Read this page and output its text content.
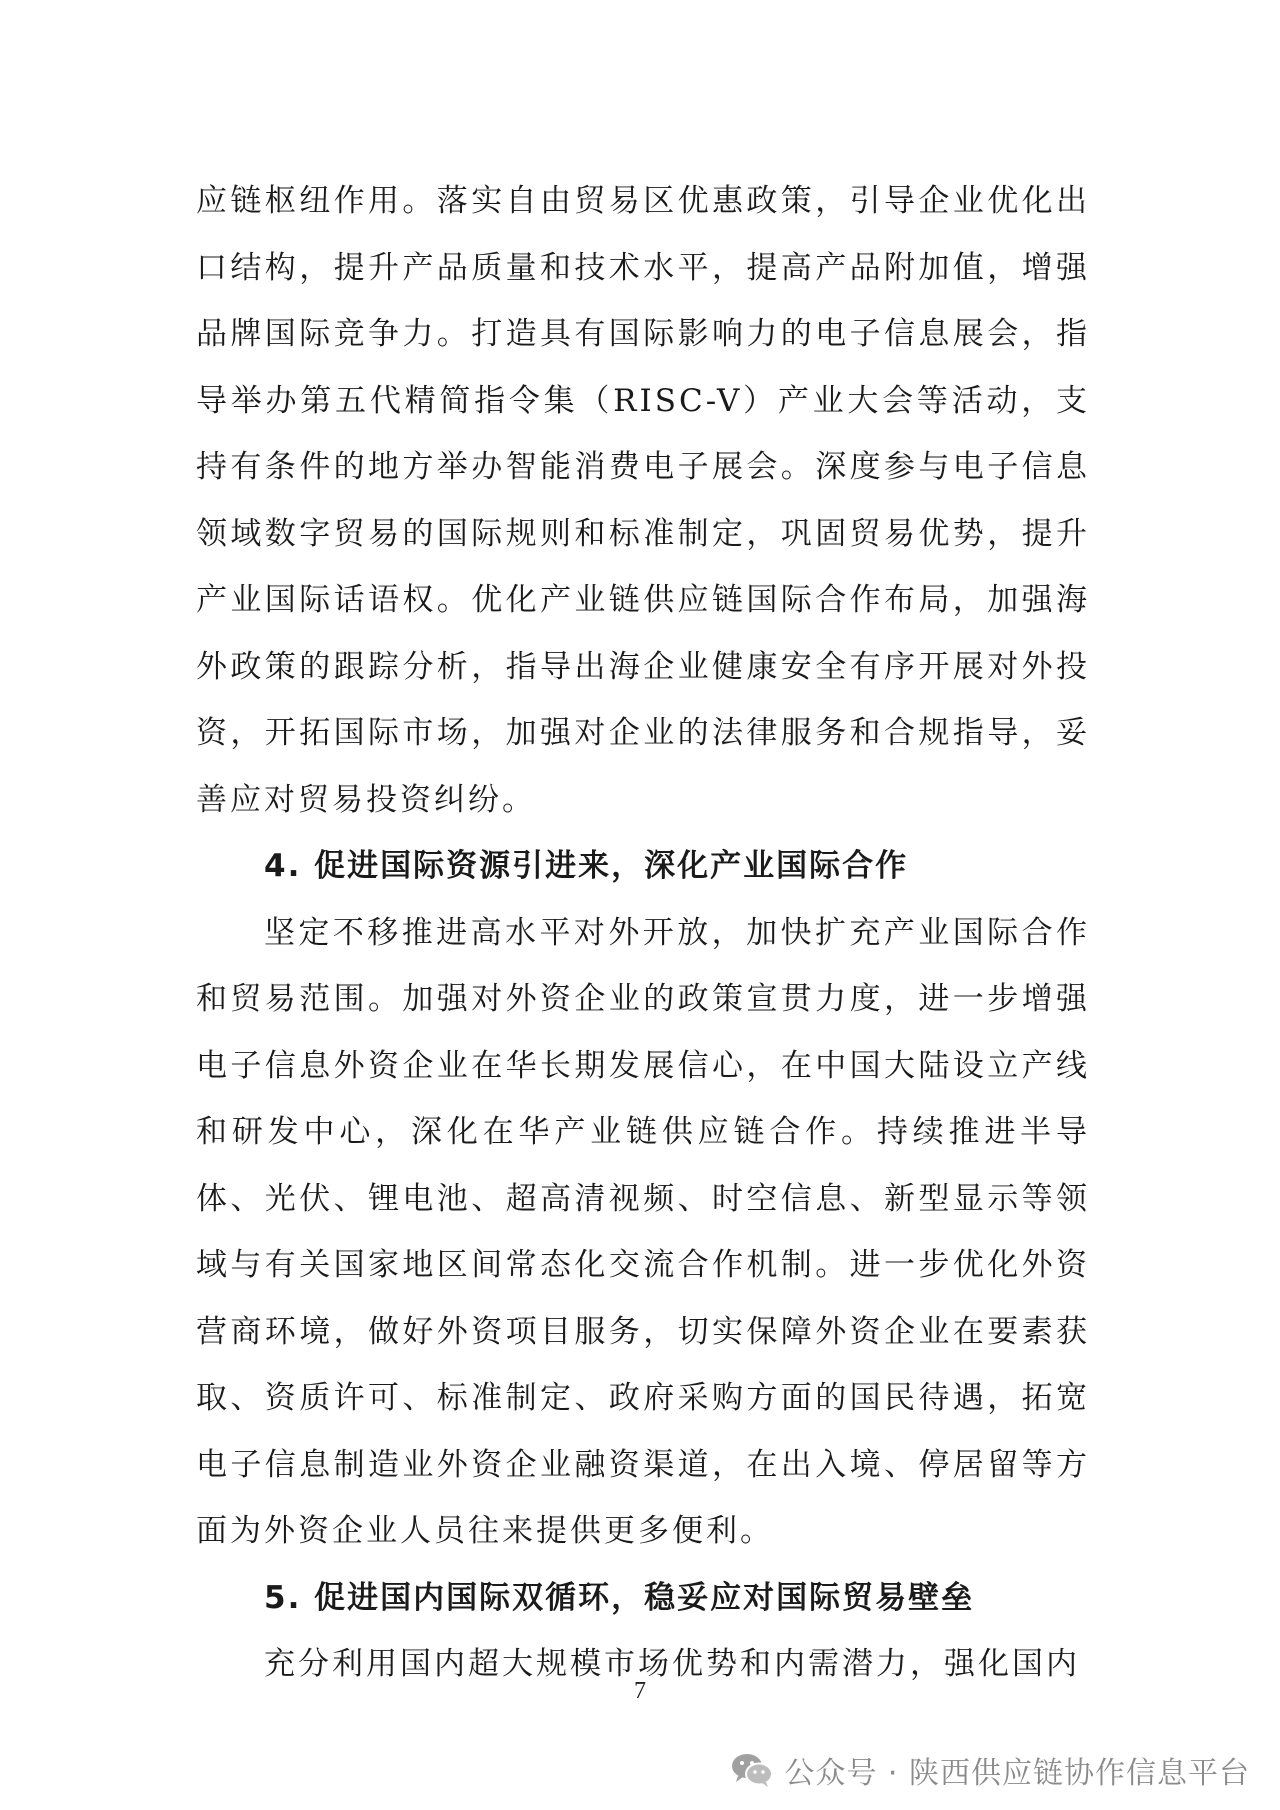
应链枢纽作用。落实自由贸易区优惠政策，引导企业优化出口结构，提升产品质量和技术水平，提高产品附加值，增强品牌国际竞争力。打造具有国际影响力的电子信息展会，指导举办第五代精简指令集（RISC-V）产业大会等活动，支持有条件的地方举办智能消费电子展会。深度参与电子信息领域数字贸易的国际规则和标准制定，巩固贸易优势，提升产业国际话语权。优化产业链供应链国际合作布局，加强海外政策的跟踪分析，指导出海企业健康安全有序开展对外投资，开拓国际市场，加强对企业的法律服务和合规指导，妥善应对贸易投资纠纷。

4. 促进国际资源引进来，深化产业国际合作

坚定不移推进高水平对外开放，加快扩充产业国际合作和贸易范围。加强对外资企业的政策宣贯力度，进一步增强电子信息外资企业在华长期发展信心，在中国大陆设立产线和研发中心，深化在华产业链供应链合作。持续推进半导体、光伏、锂电池、超高清视频、时空信息、新型显示等领域与有关国家地区间常态化交流合作机制。进一步优化外资营商环境，做好外资项目服务，切实保障外资企业在要素获取、资质许可、标准制定、政府采购方面的国民待遇，拓宽电子信息制造业外资企业融资渠道，在出入境、停居留等方面为外资企业人员往来提供更多便利。

5. 促进国内国际双循环，稳妥应对国际贸易壁垒

充分利用国内超大规模市场优势和内需潜力，强化国内

7
公众号 · 陕西供应链协作信息平台
